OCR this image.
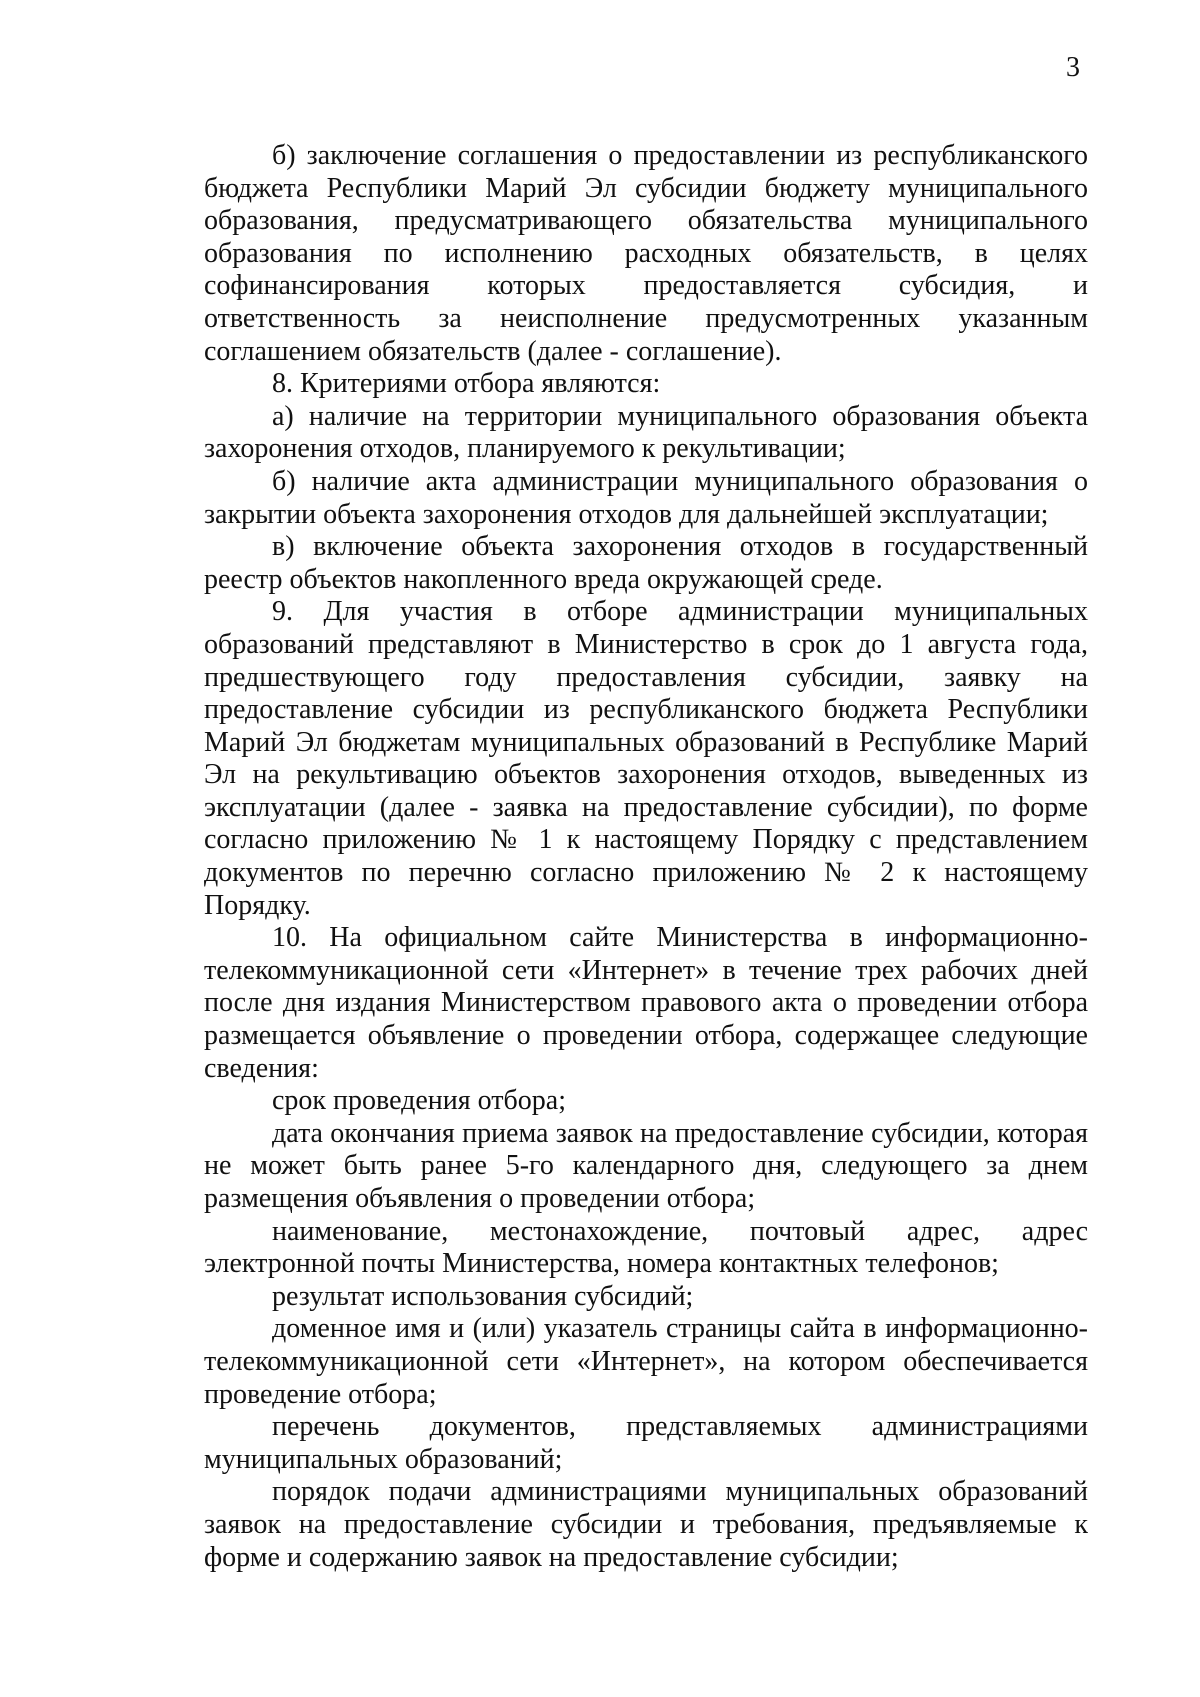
3

б) заключение соглашения о предоставлении из республиканского бюджета Республики Марий Эл субсидии бюджету муниципального образования, предусматривающего обязательства муниципального образования по исполнению расходных обязательств, в целях софинансирования которых предоставляется субсидия, и ответственность за неисполнение предусмотренных указанным соглашением обязательств (далее - соглашение).

8. Критериями отбора являются:

а) наличие на территории муниципального образования объекта захоронения отходов, планируемого к рекультивации;

б) наличие акта администрации муниципального образования о закрытии объекта захоронения отходов для дальнейшей эксплуатации;

в) включение объекта захоронения отходов в государственный реестр объектов накопленного вреда окружающей среде.

9. Для участия в отборе администрации муниципальных образований представляют в Министерство в срок до 1 августа года, предшествующего году предоставления субсидии, заявку на предоставление субсидии из республиканского бюджета Республики Марий Эл бюджетам муниципальных образований в Республике Марий Эл на рекультивацию объектов захоронения отходов, выведенных из эксплуатации (далее - заявка на предоставление субсидии), по форме согласно приложению № 1 к настоящему Порядку с представлением документов по перечню согласно приложению № 2 к настоящему Порядку.

10. На официальном сайте Министерства в информационно-телекоммуникационной сети «Интернет» в течение трех рабочих дней после дня издания Министерством правового акта о проведении отбора размещается объявление о проведении отбора, содержащее следующие сведения:

срок проведения отбора;

дата окончания приема заявок на предоставление субсидии, которая не может быть ранее 5-го календарного дня, следующего за днем размещения объявления о проведении отбора;

наименование, местонахождение, почтовый адрес, адрес электронной почты Министерства, номера контактных телефонов;

результат использования субсидий;

доменное имя и (или) указатель страницы сайта в информационно-телекоммуникационной сети «Интернет», на котором обеспечивается проведение отбора;

перечень документов, представляемых администрациями муниципальных образований;

порядок подачи администрациями муниципальных образований заявок на предоставление субсидии и требования, предъявляемые к форме и содержанию заявок на предоставление субсидии;
